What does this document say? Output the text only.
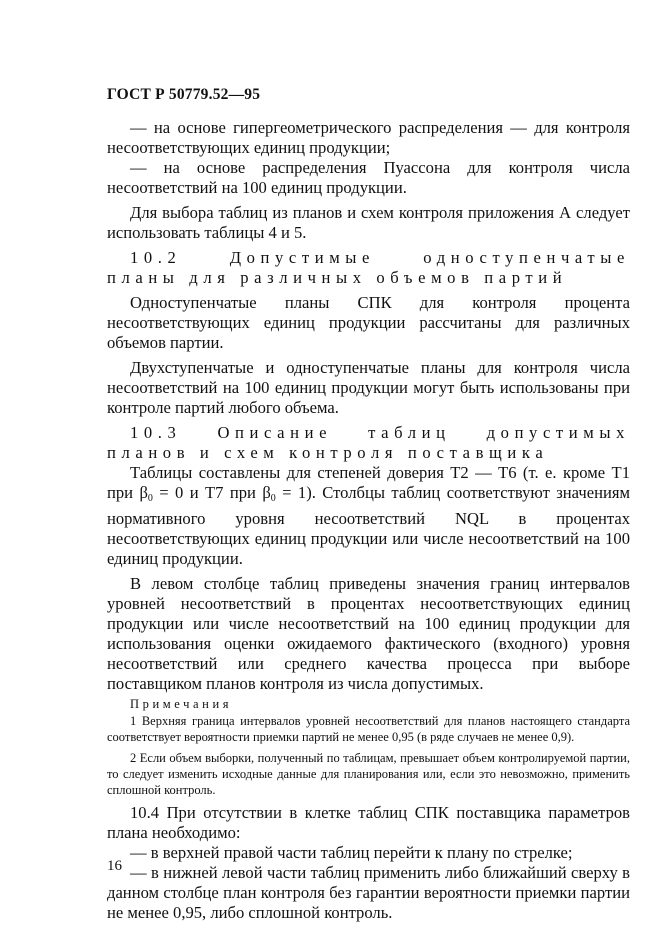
ГОСТ Р 50779.52—95

— на основе гипергеометрического распределения — для контроля несоответствующих единиц продукции;

— на основе распределения Пуассона для контроля числа несоответствий на 100 единиц продукции.

Для выбора таблиц из планов и схем контроля приложения А следует использовать таблицы 4 и 5.

10.2 Допустимые одноступенчатые планы для различных объемов партий

Одноступенчатые планы СПК для контроля процента несоответствующих единиц продукции рассчитаны для различных объемов партии.

Двухступенчатые и одноступенчатые планы для контроля числа несоответствий на 100 единиц продукции могут быть использованы при контроле партий любого объема.

10.3 Описание таблиц допустимых планов и схем контроля поставщика

Таблицы составлены для степеней доверия Т2 — Т6 (т. е. кроме Т1 при $\beta_0 = 0$ и Т7 при $\beta_0 = 1$). Столбцы таблиц соответствуют значениям нормативного уровня несоответствий NQL в процентах несоответствующих единиц продукции или числе несоответствий на 100 единиц продукции.

В левом столбце таблиц приведены значения границ интервалов уровней несоответствий в процентах несоответствующих единиц продукции или числе несоответствий на 100 единиц продукции для использования оценки ожидаемого фактического (входного) уровня несоответствий или среднего качества процесса при выборе поставщиком планов контроля из числа допустимых.

Примечания

1 Верхняя граница интервалов уровней несоответствий для планов настоящего стандарта соответствует вероятности приемки партий не менее 0,95 (в ряде случаев не менее 0,9).

2 Если объем выборки, полученный по таблицам, превышает объем контролируемой партии, то следует изменить исходные данные для планирования или, если это невозможно, применить сплошной контроль.

10.4 При отсутствии в клетке таблиц СПК поставщика параметров плана необходимо:

— в верхней правой части таблиц перейти к плану по стрелке;

— в нижней левой части таблиц применить либо ближайший сверху в данном столбце план контроля без гарантии вероятности приемки партии не менее 0,95, либо сплошной контроль.

16
